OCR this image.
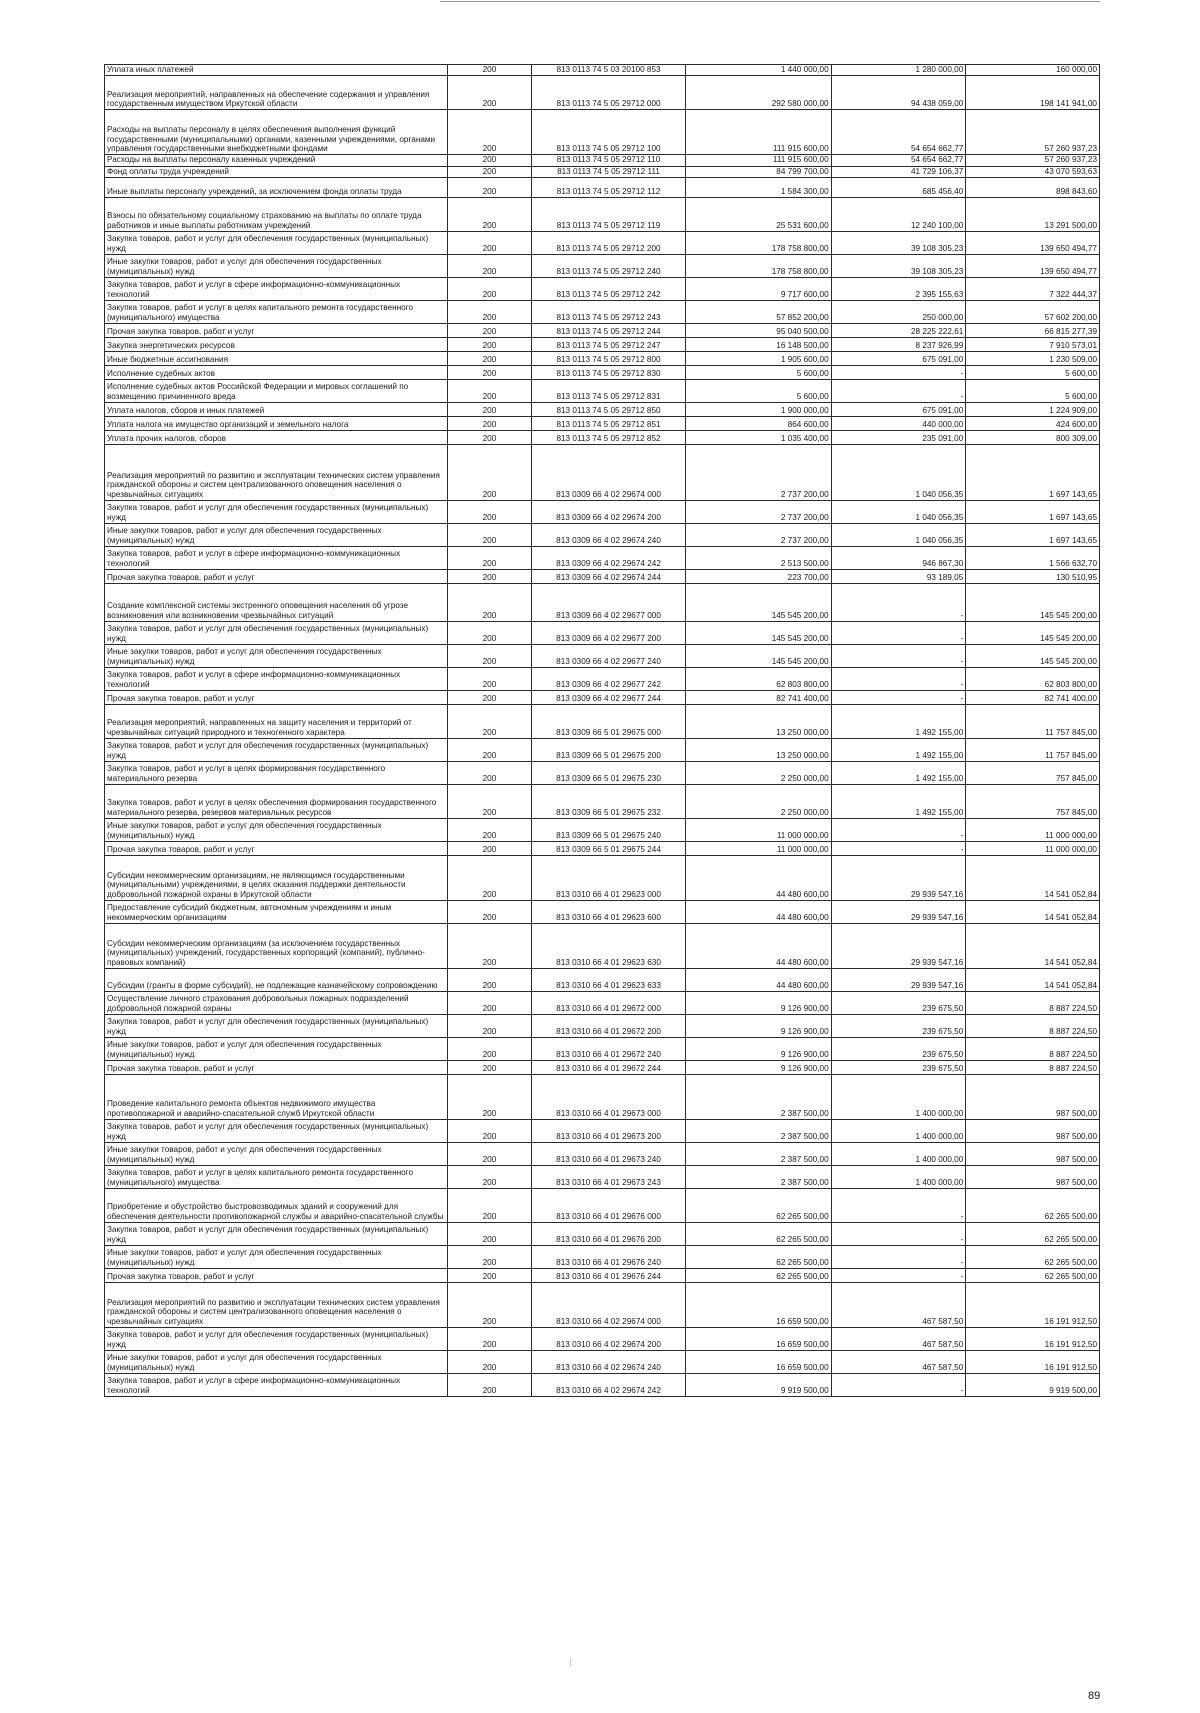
Уплата иных платежей	200	813 0113 74 5 03 20100 853	1 440 000,00	1 280 000,00	160 000,00
Реализация мероприятий, направленных на обеспечение содержания и управления государственным имуществом Иркутской области	200	813 0113 74 5 05 29712 000	292 580 000,00	94 438 059,00	198 141 941,00
Расходы на выплаты персоналу в целях обеспечения выполнения функций государственными (муниципальными) органами, казенными учреждениями, органами управления государственными внебюджетными фондами	200	813 0113 74 5 05 29712 100	111 915 600,00	54 654 662,77	57 260 937,23
Расходы на выплаты персоналу казенных учреждений	200	813 0113 74 5 05 29712 110	111 915 600,00	54 654 662,77	57 260 937,23
Фонд оплаты труда учреждений	200	813 0113 74 5 05 29712 111	84 799 700,00	41 729 106,37	43 070 593,63
Иные выплаты персоналу учреждений, за исключением фонда оплаты труда	200	813 0113 74 5 05 29712 112	1 584 300,00	685 456,40	898 843,60
Взносы по обязательному социальному страхованию на выплаты по оплате труда работников и иные выплаты работникам учреждений	200	813 0113 74 5 05 29712 119	25 531 600,00	12 240 100,00	13 291 500,00
Закупка товаров, работ и услуг для обеспечения государственных (муниципальных) нужд	200	813 0113 74 5 05 29712 200	178 758 800,00	39 108 305,23	139 650 494,77
Иные закупки товаров, работ и услуг для обеспечения государственных (муниципальных) нужд	200	813 0113 74 5 05 29712 240	178 758 800,00	39 108 305,23	139 650 494,77
Закупка товаров, работ и услуг в сфере информационно-коммуникационных технологий	200	813 0113 74 5 05 29712 242	9 717 600,00	2 395 155,63	7 322 444,37
Закупка товаров, работ и услуг в целях капитального ремонта государственного (муниципального) имущества	200	813 0113 74 5 05 29712 243	57 852 200,00	250 000,00	57 602 200,00
Прочая закупка товаров, работ и услуг	200	813 0113 74 5 05 29712 244	95 040 500,00	28 225 222,61	66 815 277,39
Закупка энергетических ресурсов	200	813 0113 74 5 05 29712 247	16 148 500,00	8 237 926,99	7 910 573,01
Иные бюджетные ассигнования	200	813 0113 74 5 05 29712 800	1 905 600,00	675 091,00	1 230 509,00
Исполнение судебных актов	200	813 0113 74 5 05 29712 830	5 600,00	-	5 600,00
Исполнение судебных актов Российской Федерации и мировых соглашений по возмещению причиненного вреда	200	813 0113 74 5 05 29712 831	5 600,00	-	5 600,00
Уплата налогов, сборов и иных платежей	200	813 0113 74 5 05 29712 850	1 900 000,00	675 091,00	1 224 909,00
Уплата налога на имущество организаций и земельного налога	200	813 0113 74 5 05 29712 851	864 600,00	440 000,00	424 600,00
Уплата прочих налогов, сборов	200	813 0113 74 5 05 29712 852	1 035 400,00	235 091,00	800 309,00
Реализация мероприятий по развитию и эксплуатации технических систем управления гражданской обороны и систем централизованного оповещения населения о чрезвычайных ситуациях	200	813 0309 66 4 02 29674 000	2 737 200,00	1 040 056,35	1 697 143,65
Закупка товаров, работ и услуг для обеспечения государственных (муниципальных) нужд	200	813 0309 66 4 02 29674 200	2 737 200,00	1 040 056,35	1 697 143,65
Иные закупки товаров, работ и услуг для обеспечения государственных (муниципальных) нужд	200	813 0309 66 4 02 29674 240	2 737 200,00	1 040 056,35	1 697 143,65
Закупка товаров, работ и услуг в сфере информационно-коммуникационных технологий	200	813 0309 66 4 02 29674 242	2 513 500,00	946 867,30	1 566 632,70
Прочая закупка товаров, работ и услуг	200	813 0309 66 4 02 29674 244	223 700,00	93 189,05	130 510,95
Создание комплексной системы экстренного оповещения населения об угрозе возникновения или возникновении чрезвычайных ситуаций	200	813 0309 66 4 02 29677 000	145 545 200,00	-	145 545 200,00
Закупка товаров, работ и услуг для обеспечения государственных (муниципальных) нужд	200	813 0309 66 4 02 29677 200	145 545 200,00	-	145 545 200,00
Иные закупки товаров, работ и услуг для обеспечения государственных (муниципальных) нужд	200	813 0309 66 4 02 29677 240	145 545 200,00	-	145 545 200,00
Закупка товаров, работ и услуг в сфере информационно-коммуникационных технологий	200	813 0309 66 4 02 29677 242	62 803 800,00	-	62 803 800,00
Прочая закупка товаров, работ и услуг	200	813 0309 66 4 02 29677 244	82 741 400,00	-	82 741 400,00
Реализация мероприятий, направленных на защиту населения и территорий от чрезвычайных ситуаций природного и техногенного характера	200	813 0309 66 5 01 29675 000	13 250 000,00	1 492 155,00	11 757 845,00
Закупка товаров, работ и услуг для обеспечения государственных (муниципальных) нужд	200	813 0309 66 5 01 29675 200	13 250 000,00	1 492 155,00	11 757 845,00
Закупка товаров, работ и услуг в целях формирования государственного материального резерва	200	813 0309 66 5 01 29675 230	2 250 000,00	1 492 155,00	757 845,00
Закупка товаров, работ и услуг в целях обеспечения формирования государственного материального резерва, резервов материальных ресурсов	200	813 0309 66 5 01 29675 232	2 250 000,00	1 492 155,00	757 845,00
Иные закупки товаров, работ и услуг для обеспечения государственных (муниципальных) нужд	200	813 0309 66 5 01 29675 240	11 000 000,00	-	11 000 000,00
Прочая закупка товаров, работ и услуг	200	813 0309 66 5 01 29675 244	11 000 000,00	-	11 000 000,00
Субсидии некоммерческим организациям, не являющимся государственными (муниципальными) учреждениями, в целях оказания поддержки деятельности добровольной пожарной охраны в Иркутской области	200	813 0310 66 4 01 29623 000	44 480 600,00	29 939 547,16	14 541 052,84
Предоставление субсидий бюджетным, автономным учреждениям и иным некоммерческим организациям	200	813 0310 66 4 01 29623 600	44 480 600,00	29 939 547,16	14 541 052,84
Субсидии некоммерческим организациям (за исключением государственных (муниципальных) учреждений, государственных корпораций (компаний), публично-правовых компаний)	200	813 0310 66 4 01 29623 630	44 480 600,00	29 939 547,16	14 541 052,84
Субсидии (гранты в форме субсидий), не подлежащие казначейскому сопровождению	200	813 0310 66 4 01 29623 633	44 480 600,00	29 939 547,16	14 541 052,84
Осуществление личного страхования добровольных пожарных подразделений добровольной пожарной охраны	200	813 0310 66 4 01 29672 000	9 126 900,00	239 675,50	8 887 224,50
Закупка товаров, работ и услуг для обеспечения государственных (муниципальных) нужд	200	813 0310 66 4 01 29672 200	9 126 900,00	239 675,50	8 887 224,50
Иные закупки товаров, работ и услуг для обеспечения государственных (муниципальных) нужд	200	813 0310 66 4 01 29672 240	9 126 900,00	239 675,50	8 887 224,50
Прочая закупка товаров, работ и услуг	200	813 0310 66 4 01 29672 244	9 126 900,00	239 675,50	8 887 224,50
Проведение капитального ремонта объектов недвижимого имущества противопожарной и аварийно-спасательной служб Иркутской области	200	813 0310 66 4 01 29673 000	2 387 500,00	1 400 000,00	987 500,00
Закупка товаров, работ и услуг для обеспечения государственных (муниципальных) нужд	200	813 0310 66 4 01 29673 200	2 387 500,00	1 400 000,00	987 500,00
Иные закупки товаров, работ и услуг для обеспечения государственных (муниципальных) нужд	200	813 0310 66 4 01 29673 240	2 387 500,00	1 400 000,00	987 500,00
Закупка товаров, работ и услуг в целях капитального ремонта государственного (муниципального) имущества	200	813 0310 66 4 01 29673 243	2 387 500,00	1 400 000,00	987 500,00
Приобретение и обустройство быстровозводимых зданий и сооружений для обеспечения деятельности противопожарной службы и аварийно-спасательной службы	200	813 0310 66 4 01 29676 000	62 265 500,00	-	62 265 500,00
Закупка товаров, работ и услуг для обеспечения государственных (муниципальных) нужд	200	813 0310 66 4 01 29676 200	62 265 500,00	-	62 265 500,00
Иные закупки товаров, работ и услуг для обеспечения государственных (муниципальных) нужд	200	813 0310 66 4 01 29676 240	62 265 500,00	-	62 265 500,00
Прочая закупка товаров, работ и услуг	200	813 0310 66 4 01 29676 244	62 265 500,00	-	62 265 500,00
Реализация мероприятий по развитию и эксплуатации технических систем управления гражданской обороны и систем централизованного оповещения населения о чрезвычайных ситуациях	200	813 0310 66 4 02 29674 000	16 659 500,00	467 587,50	16 191 912,50
Закупка товаров, работ и услуг для обеспечения государственных (муниципальных) нужд	200	813 0310 66 4 02 29674 200	16 659 500,00	467 587,50	16 191 912,50
Иные закупки товаров, работ и услуг для обеспечения государственных (муниципальных) нужд	200	813 0310 66 4 02 29674 240	16 659 500,00	467 587,50	16 191 912,50
Закупка товаров, работ и услуг в сфере информационно-коммуникационных технологий	200	813 0310 66 4 02 29674 242	9 919 500,00	-	9 919 500,00
89
